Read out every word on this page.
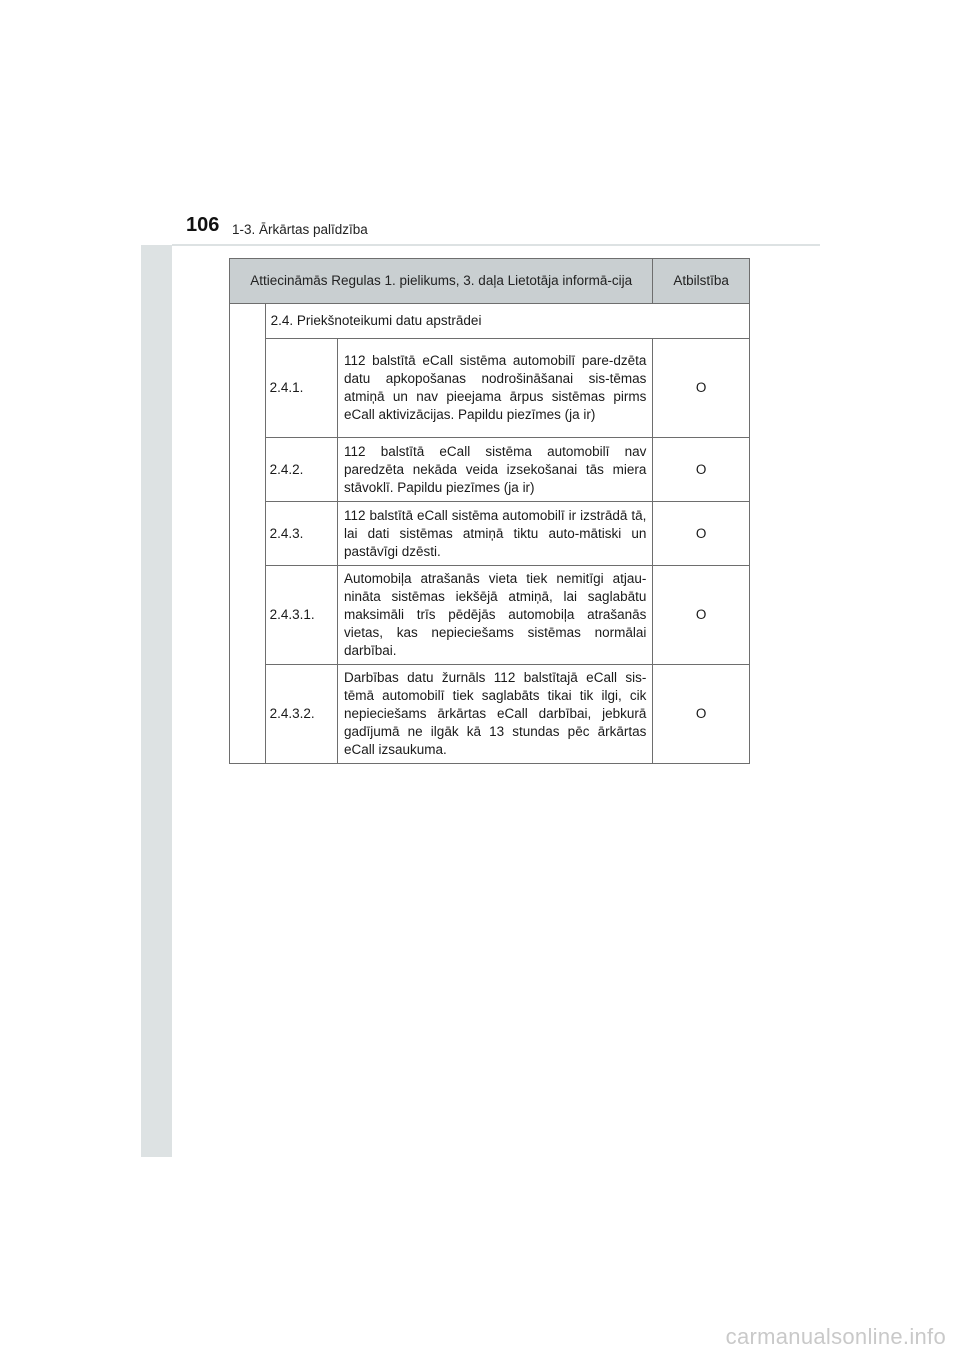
106 1-3. Ārkārtas palīdzība
Attiecināmās Regulas 1. pielikums, 3. daļa Lietotāja informā-cija			Atbilstība
	2.4. Priekšnoteikumi datu apstrādei		
	2.4.1.	112 balstītā eCall sistēma automobilī pare-dzēta datu apkopošanas nodrošināšanai sis-tēmas atmiņā un nav pieejama ārpus sistēmas pirms eCall aktivizācijas. Papildu piezīmes (ja ir)	O
	2.4.2.	112 balstītā eCall sistēma automobilī nav paredzēta nekāda veida izsekošanai tās miera stāvoklī. Papildu piezīmes (ja ir)	O
	2.4.3.	112 balstītā eCall sistēma automobilī ir izstrādā tā, lai dati sistēmas atmiņā tiktu auto-mātiski un pastāvīgi dzēsti.	O
	2.4.3.1.	Automobiļa atrašanās vieta tiek nemitīgi atjau- nināta sistēmas iekšējā atmiņā, lai saglabātu maksimāli trīs pēdējās automobiļa atrašanās vietas, kas nepieciešams sistēmas normālai darbībai.	O
	2.4.3.2.	Darbības datu žurnāls 112 balstītajā eCall sis-tēmā automobilī tiek saglabāts tikai tik ilgi, cik nepieciešams ārkārtas eCall darbībai, jebkurā gadījumā ne ilgāk kā 13 stundas pēc ārkārtas eCall izsaukuma.	O
carmanualsonline.info
